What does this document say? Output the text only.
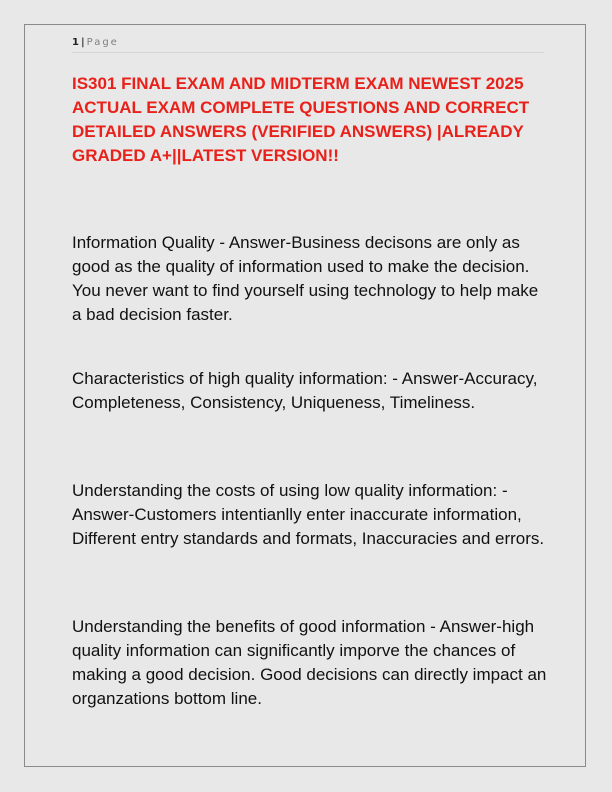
1 | Page
IS301 FINAL EXAM AND MIDTERM EXAM NEWEST 2025 ACTUAL EXAM COMPLETE QUESTIONS AND CORRECT DETAILED ANSWERS (VERIFIED ANSWERS) |ALREADY GRADED A+||LATEST VERSION!!

Information Quality - Answer-Business decisons are only as good as the quality of information used to make the decision. You never want to find yourself using technology to help make a bad decision faster.

Characteristics of high quality information: - Answer-Accuracy, Completeness, Consistency, Uniqueness, Timeliness.

Understanding the costs of using low quality information: - Answer-Customers intentianlly enter inaccurate information, Different entry standards and formats, Inaccuracies and errors.

Understanding the benefits of good information - Answer-high quality information can significantly imporve the chances of making a good decision. Good decisions can directly impact an organzations bottom line.
